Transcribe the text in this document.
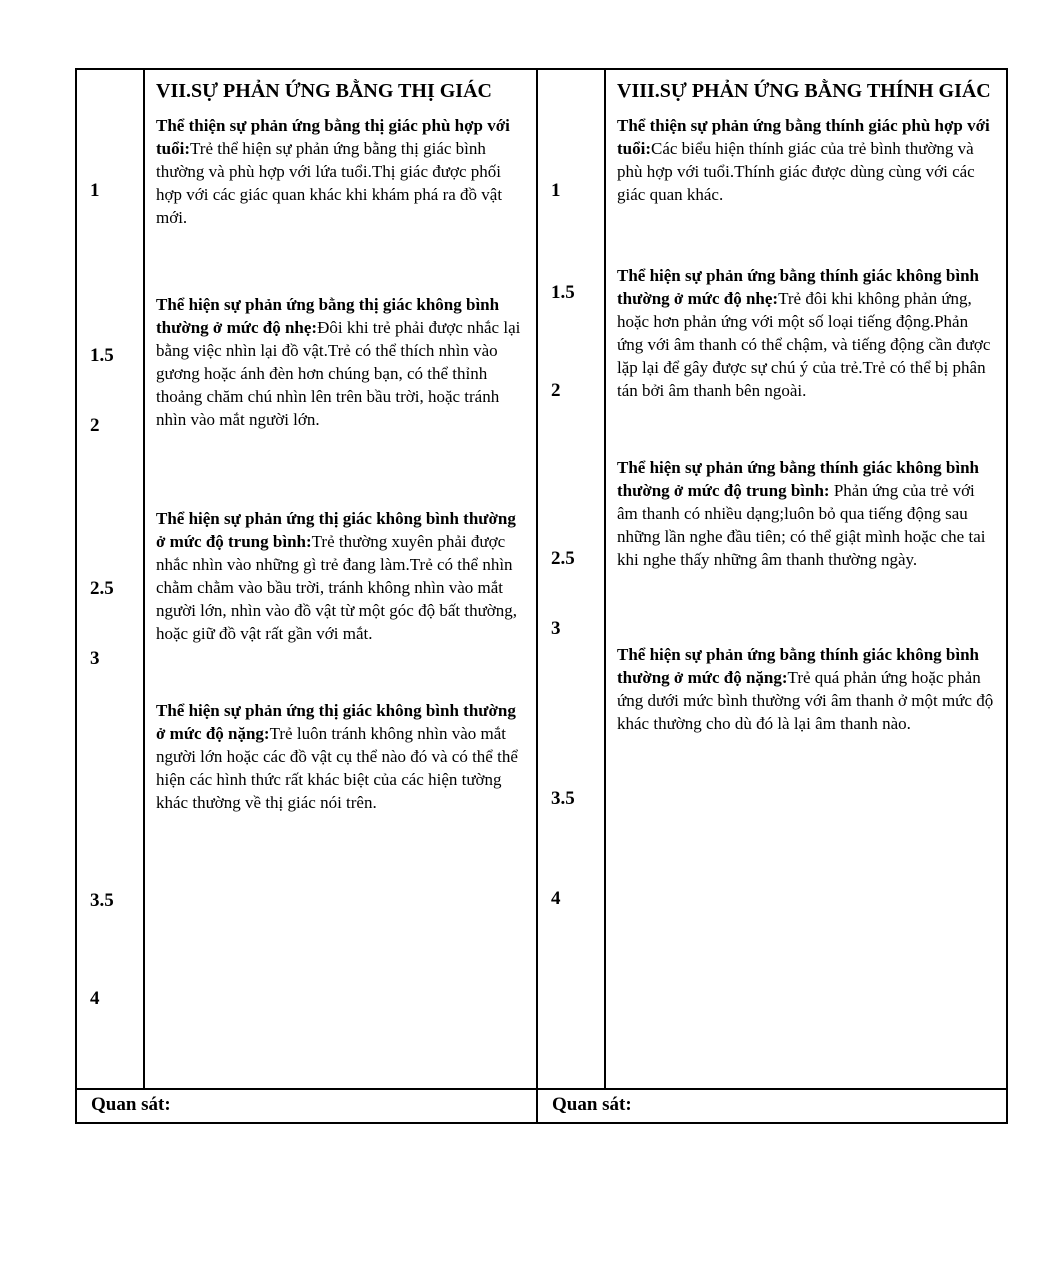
1
1.5
2
2.5
3
3.5
4
VII.SỰ PHẢN ỨNG BẰNG THỊ GIÁC

Thể thiện sự phản ứng bằng thị giác phù hợp với tuổi:Trẻ thể hiện sự phản ứng bằng thị giác bình thường và phù hợp với lứa tuổi.Thị giác được phối hợp với các giác quan khác khi khám phá ra đồ vật mới.

Thể hiện sự phản ứng bằng thị giác không bình thường ở mức độ nhẹ:Đôi khi trẻ phải được nhắc lại bằng việc nhìn lại đồ vật.Trẻ có thể thích nhìn vào gương hoặc ánh đèn hơn chúng bạn, có thể thỉnh thoảng chăm chú nhìn lên trên bầu trời, hoặc tránh nhìn vào mắt người lớn.

Thể hiện sự phản ứng thị giác không bình thường ở mức độ trung bình:Trẻ thường xuyên phải được nhắc nhìn vào những gì trẻ đang làm.Trẻ có thể nhìn chằm chằm vào bầu trời, tránh không nhìn vào mắt người lớn, nhìn vào đồ vật từ một góc độ bất thường, hoặc giữ đồ vật rất gần với mắt.

Thể hiện sự phản ứng thị giác không bình thường ở mức độ nặng:Trẻ luôn tránh không nhìn vào mắt người lớn hoặc các đồ vật cụ thể nào đó và có thể thể hiện các hình thức rất khác biệt của các hiện tường khác thường về thị giác nói trên.

1
1.5
2
2.5
3
3.5
4
VIII.SỰ PHẢN ỨNG BẰNG THÍNH GIÁC

Thể thiện sự phản ứng bằng thính giác phù hợp với tuổi:Các biểu hiện thính giác của trẻ bình thường và phù hợp với tuổi.Thính giác được dùng cùng với các giác quan khác.

Thể hiện sự phản ứng bằng thính giác không bình thường ở mức độ nhẹ:Trẻ đôi khi không phản ứng, hoặc hơn phản ứng với một số loại tiếng động.Phản ứng với âm thanh có thể chậm, và tiếng động cần được lặp lại để gây được sự chú ý của trẻ.Trẻ có thể bị phân tán bởi âm thanh bên ngoài.

Thể hiện sự phản ứng bằng thính giác không bình thường ở mức độ trung bình: Phản ứng của trẻ với âm thanh có nhiều dạng;luôn bỏ qua tiếng động sau những lần nghe đầu tiên; có thể giật mình hoặc che tai khi nghe thấy những âm thanh thường ngày.

Thể hiện sự phản ứng bằng thính giác không bình thường ở mức độ nặng:Trẻ quá phản ứng hoặc phản ứng dưới mức bình thường với âm thanh ở một mức độ khác thường cho dù đó là lại âm thanh nào.

Quan sát:	Quan sát:
